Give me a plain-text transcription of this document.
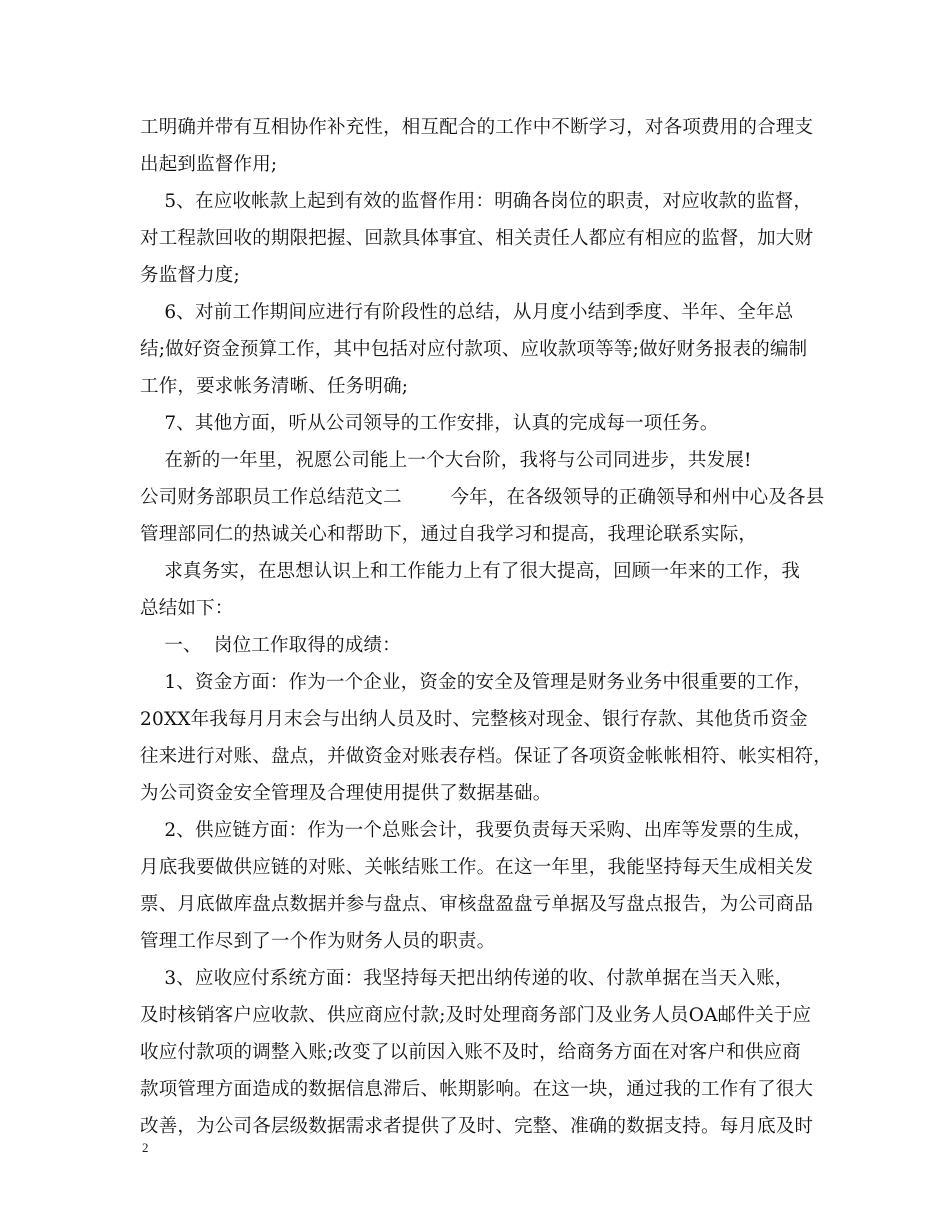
工明确并带有互相协作补充性，相互配合的工作中不断学习，对各项费用的合理支
出起到监督作用;
5、在应收帐款上起到有效的监督作用：明确各岗位的职责，对应收款的监督，
对工程款回收的期限把握、回款具体事宜、相关责任人都应有相应的监督，加大财
务监督力度;
6、对前工作期间应进行有阶段性的总结，从月度小结到季度、半年、全年总
结;做好资金预算工作，其中包括对应付款项、应收款项等等;做好财务报表的编制
工作，要求帐务清晰、任务明确;
7、其他方面，听从公司领导的工作安排，认真的完成每一项任务。
在新的一年里，祝愿公司能上一个大台阶，我将与公司同进步，共发展!
公司财务部职员工作总结范文二        今年，在各级领导的正确领导和州中心及各县
管理部同仁的热诚关心和帮助下，通过自我学习和提高，我理论联系实际，
求真务实，在思想认识上和工作能力上有了很大提高，回顾一年来的工作，我
总结如下：
一、  岗位工作取得的成绩：
1、资金方面：作为一个企业，资金的安全及管理是财务业务中很重要的工作，
20XX年我每月月末会与出纳人员及时、完整核对现金、银行存款、其他货币资金
往来进行对账、盘点，并做资金对账表存档。保证了各项资金帐帐相符、帐实相符，
为公司资金安全管理及合理使用提供了数据基础。
2、供应链方面：作为一个总账会计，我要负责每天采购、出库等发票的生成，
月底我要做供应链的对账、关帐结账工作。在这一年里，我能坚持每天生成相关发
票、月底做库盘点数据并参与盘点、审核盘盈盘亏单据及写盘点报告，为公司商品
管理工作尽到了一个作为财务人员的职责。
3、应收应付系统方面：我坚持每天把出纳传递的收、付款单据在当天入账，
及时核销客户应收款、供应商应付款;及时处理商务部门及业务人员OA邮件关于应
收应付款项的调整入账;改变了以前因入账不及时，给商务方面在对客户和供应商
款项管理方面造成的数据信息滞后、帐期影响。在这一块，通过我的工作有了很大
改善，为公司各层级数据需求者提供了及时、完整、准确的数据支持。每月底及时
2
